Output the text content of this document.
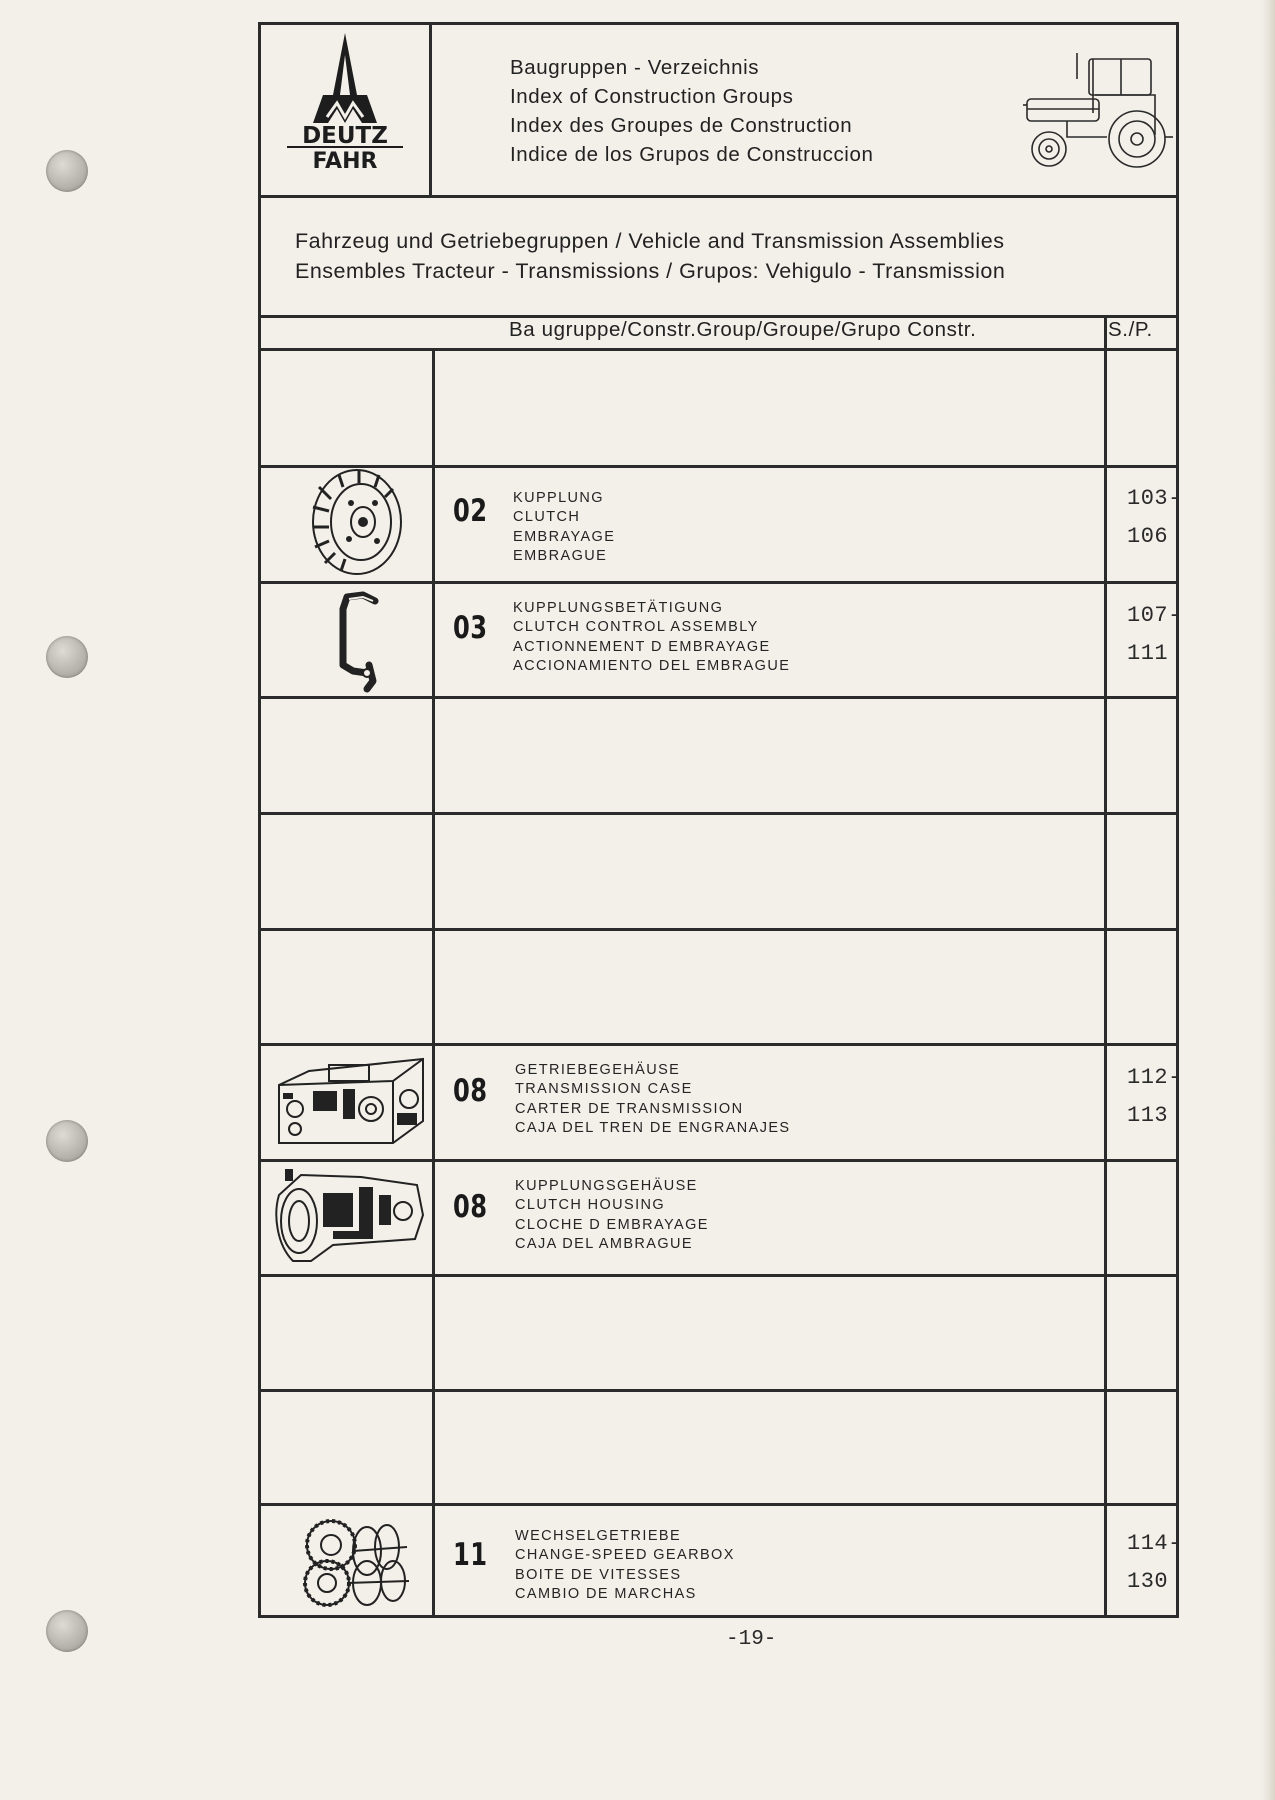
DEUTZ
FAHR
Baugruppen - Verzeichnis
Index of Construction Groups
Index des Groupes de Construction
Indice de los Grupos de Construccion
Fahrzeug und Getriebegruppen / Vehicle and Transmission Assemblies
Ensembles Tracteur - Transmissions / Grupos: Vehigulo - Transmission
Ba ugruppe/Constr.Group/Groupe/Grupo Constr.	S./P.
02 KUPPLUNG
CLUTCH
EMBRAYAGE
EMBRAGUE
103-
106
03
KUPPLUNGSBETÄTIGUNG
CLUTCH CONTROL ASSEMBLY
ACTIONNEMENT D EMBRAYAGE
ACCIONAMIENTO DEL EMBRAGUE
107-
111
08
GETRIEBEGEHÄUSE
TRANSMISSION CASE
CARTER DE TRANSMISSION
CAJA DEL TREN DE ENGRANAJES
112-
113
08
KUPPLUNGSGEHÄUSE
CLUTCH HOUSING
CLOCHE D EMBRAYAGE
CAJA DEL AMBRAGUE
11
WECHSELGETRIEBE
CHANGE-SPEED GEARBOX
BOITE DE VITESSES
CAMBIO DE MARCHAS
114-
130
-19-
